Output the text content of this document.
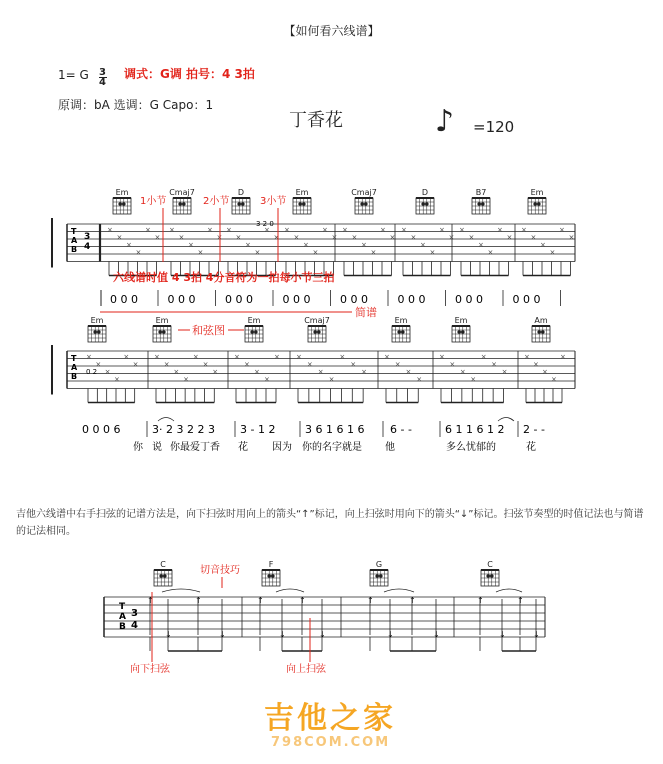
【如何看六线谱】
1= G 3
4
调式：G调 拍号：4 3拍
原调：bA 选调：G Capo：1
丁香花	♪ =120
T
A
B
3
4
Em	Cmaj7	D	Em	Cmaj7	D	B7	Em
3 2 0
×
×
×
×
×
×
×
×
×
×
×
×
×
×
×
×
×
×
×
×
×
×
×
×
×
×
×
×
×
×
×
×
×
×
×
×
×
×
×
×
×
×
×
×
×
×
×
×
0 0 0	0 0 0	0 0 0	0 0 0	0 0 0	0 0 0	0 0 0	0 0 0
T
A
B 0 2
Em	Em	Em	Cmaj7	Em	Em	Am
×
×
×
×
×
×
×
×
×
×
×
×
×
×
×
×
×
× ×
×
×
×
×
×
×
×
×
×
×
×
×
×
×
×
×
×
×
×
×
×
×
0 0 0 6	3· 2 3 2 2 3 3 - 1 2	3 6 1 6 1 6 6 - -	6 1 1 6 1 2 2 - -
你 说 你最爱丁香 花 因为 你的名字就是 他	多么忧郁的	花
T
A
B
3
4
C	F	G	C
↑
↓
↑
↓
↑
↓
↑
↓
↑
↓
↑
↓
↑
↓
↑
↓
1小节	2小节	3小节
六线谱时值 4 3拍 4分音符为一拍每小节三拍
简谱
和弦图
切音技巧
向下扫弦	向上扫弦
吉他六线谱中右手扫弦的记谱方法是，向下扫弦时用向上的箭头“↑”标记，向上扫弦时用向下的箭头“↓”标记。扫弦节奏型的时值记法也与简谱的记法相同。
吉他之家
798COM.COM
